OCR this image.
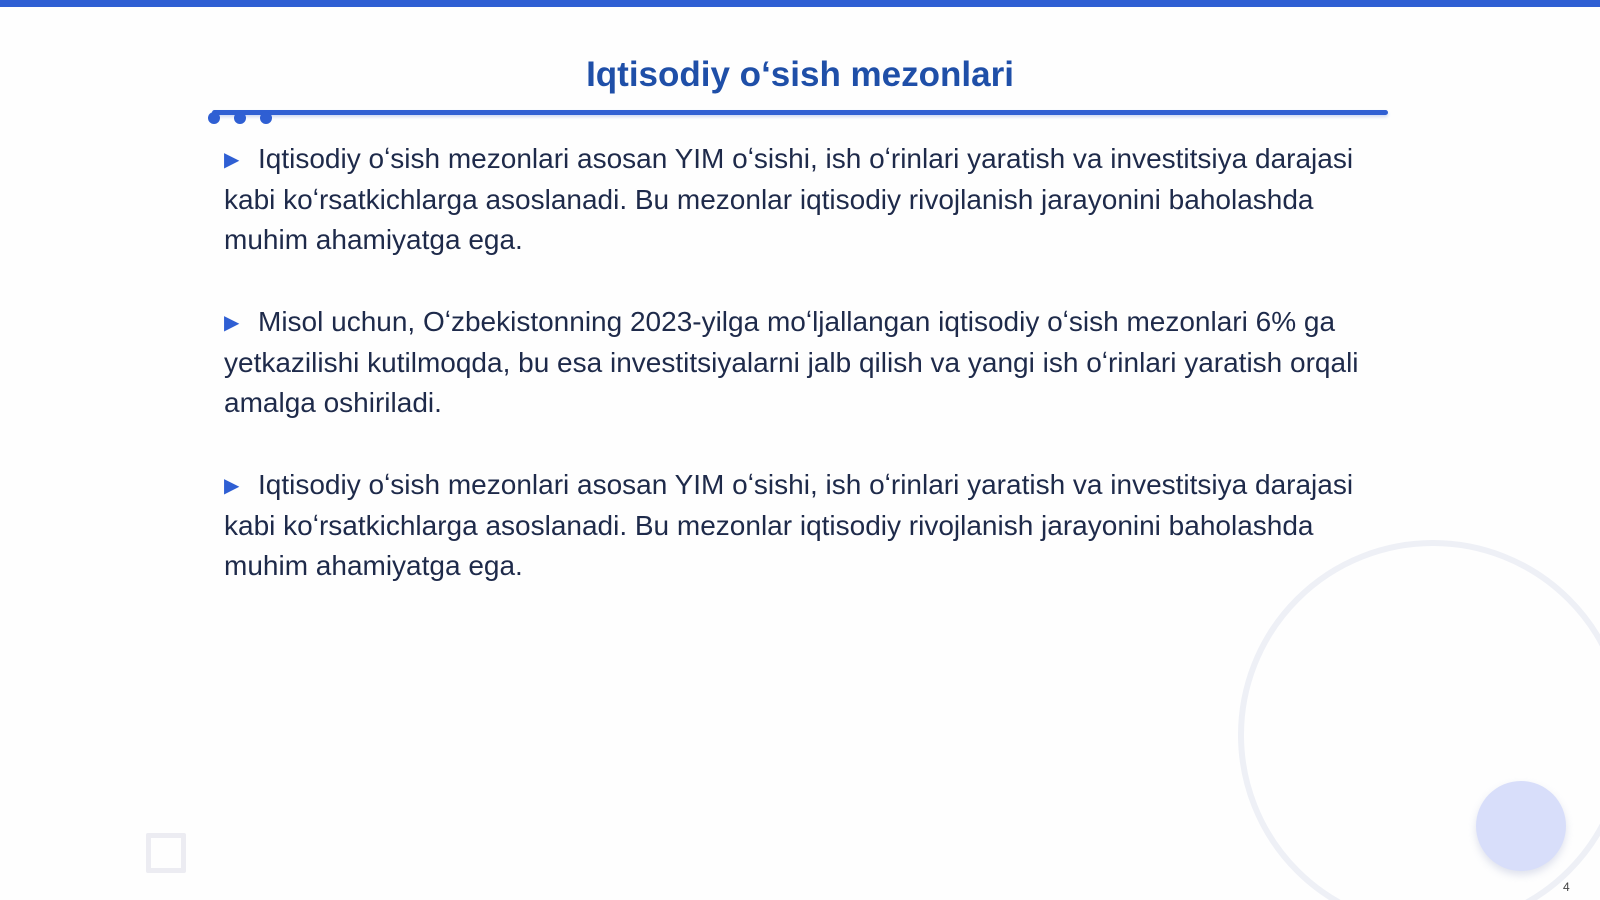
Iqtisodiy oʻsish mezonlari

▶ Iqtisodiy oʻsish mezonlari asosan YIM oʻsishi, ish oʻrinlari yaratish va investitsiya darajasi kabi koʻrsatkichlarga asoslanadi. Bu mezonlar iqtisodiy rivojlanish jarayonini baholashda muhim ahamiyatga ega.

▶ Misol uchun, Oʻzbekistonning 2023-yilga moʻljallangan iqtisodiy oʻsish mezonlari 6% ga yetkazilishi kutilmoqda, bu esa investitsiyalarni jalb qilish va yangi ish oʻrinlari yaratish orqali amalga oshiriladi.

▶ Iqtisodiy oʻsish mezonlari asosan YIM oʻsishi, ish oʻrinlari yaratish va investitsiya darajasi kabi koʻrsatkichlarga asoslanadi. Bu mezonlar iqtisodiy rivojlanish jarayonini baholashda muhim ahamiyatga ega.

4
